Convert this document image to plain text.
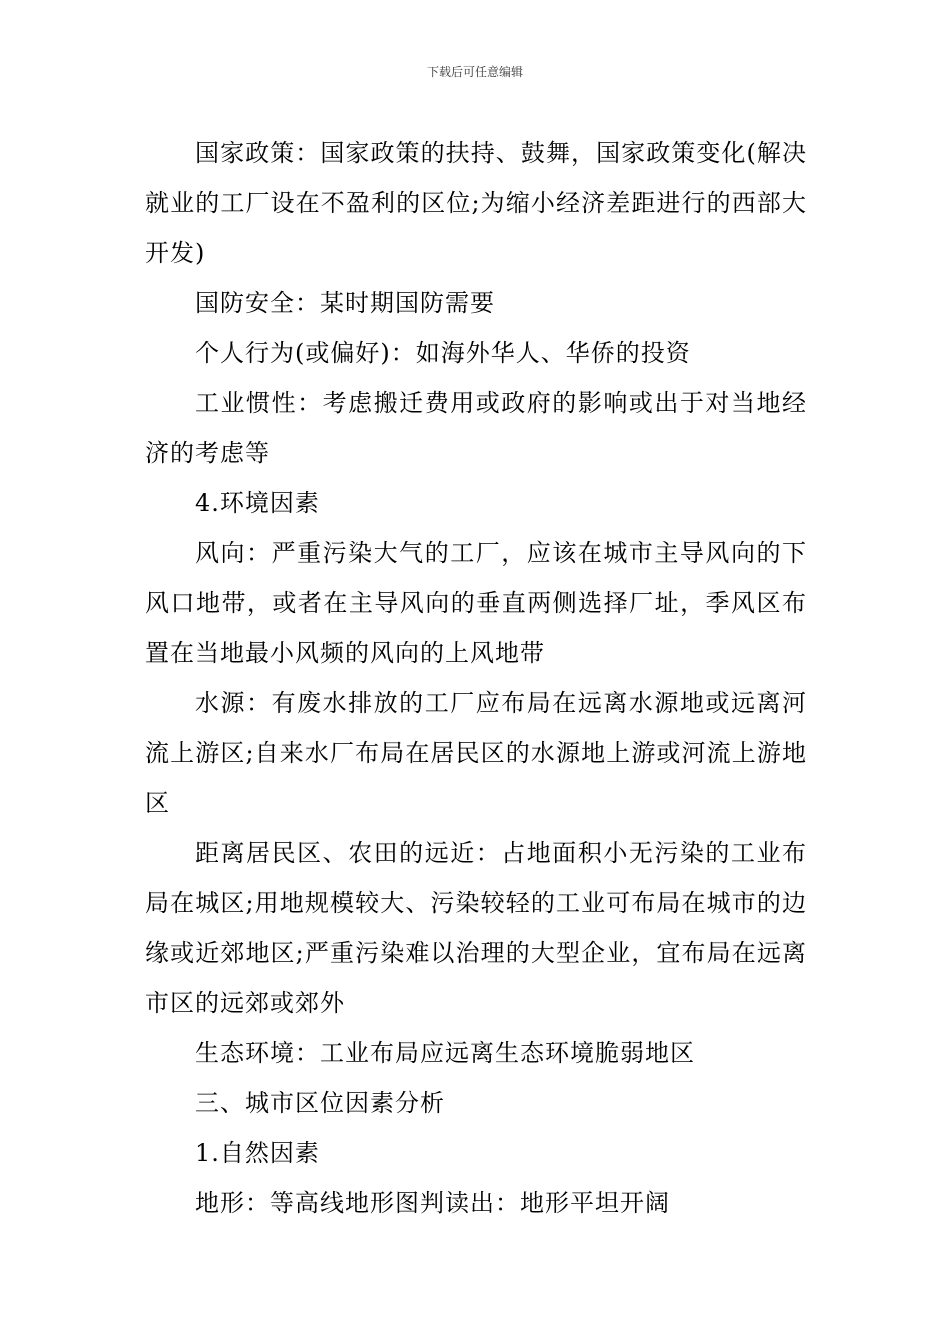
下载后可任意编辑

国家政策：国家政策的扶持、鼓舞，国家政策变化(解决就业的工厂设在不盈利的区位;为缩小经济差距进行的西部大开发)

国防安全：某时期国防需要

个人行为(或偏好)：如海外华人、华侨的投资

工业惯性：考虑搬迁费用或政府的影响或出于对当地经济的考虑等

4.环境因素

风向：严重污染大气的工厂，应该在城市主导风向的下风口地带，或者在主导风向的垂直两侧选择厂址，季风区布置在当地最小风频的风向的上风地带

水源：有废水排放的工厂应布局在远离水源地或远离河流上游区;自来水厂布局在居民区的水源地上游或河流上游地区

距离居民区、农田的远近：占地面积小无污染的工业布局在城区;用地规模较大、污染较轻的工业可布局在城市的边缘或近郊地区;严重污染难以治理的大型企业，宜布局在远离市区的远郊或郊外

生态环境：工业布局应远离生态环境脆弱地区

三、城市区位因素分析

1.自然因素

地形：等高线地形图判读出：地形平坦开阔
